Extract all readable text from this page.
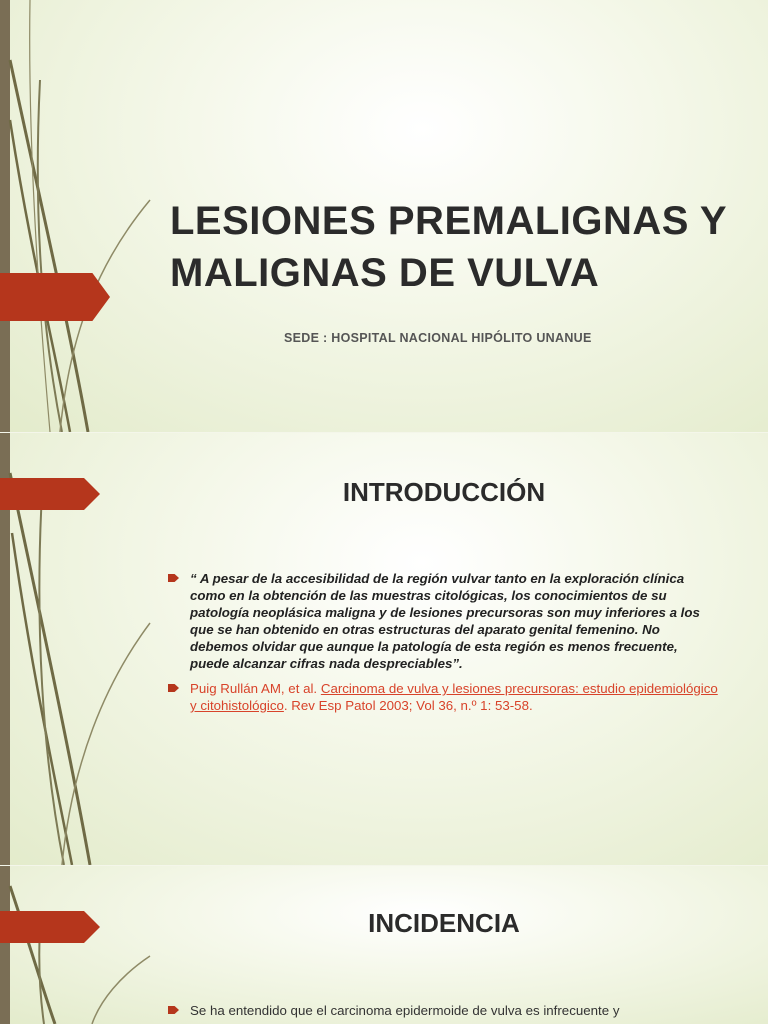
LESIONES PREMALIGNAS Y MALIGNAS DE VULVA

SEDE : HOSPITAL NACIONAL HIPÓLITO UNANUE

INTRODUCCIÓN
“ A pesar de la accesibilidad de la región vulvar tanto en la exploración clínica como en la obtención de las muestras citológicas, los conocimientos de su patología neoplásica maligna y de lesiones precursoras son muy inferiores a los que se han obtenido en otras estructuras del aparato genital femenino. No debemos olvidar que aunque la patología de esta región es menos frecuente, puede alcanzar cifras nada despreciables”.
Puig Rullán AM, et al. Carcinoma de vulva y lesiones precursoras: estudio epidemiológico y citohistológico. Rev Esp Patol 2003; Vol 36, n.º 1: 53-58.
INCIDENCIA
Se ha entendido que el carcinoma epidermoide de vulva es infrecuente y
